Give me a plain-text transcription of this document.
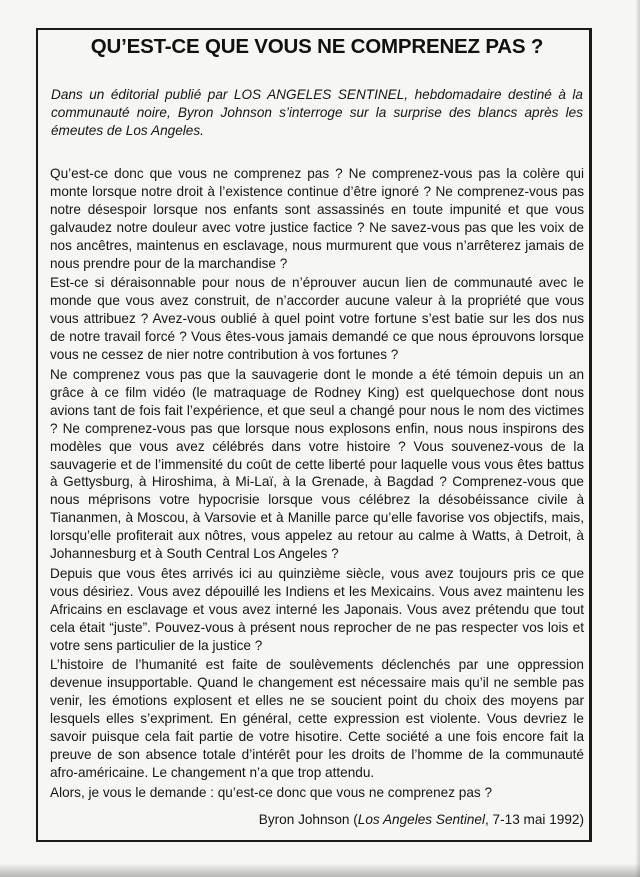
QU’EST-CE QUE VOUS NE COMPRENEZ PAS ?

Dans un éditorial publié par LOS ANGELES SENTINEL, hebdomadaire destiné à la communauté noire, Byron Johnson s’interroge sur la surprise des blancs après les émeutes de Los Angeles.

Qu’est-ce donc que vous ne comprenez pas ? Ne comprenez-vous pas la colère qui monte lorsque notre droit à l’existence continue d’être ignoré ? Ne comprenez-vous pas notre désespoir lorsque nos enfants sont assassinés en toute impunité et que vous galvaudez notre douleur avec votre justice factice ? Ne savez-vous pas que les voix de nos ancêtres, maintenus en esclavage, nous murmurent que vous n’arrêterez jamais de nous prendre pour de la marchandise ?

Est-ce si déraisonnable pour nous de n’éprouver aucun lien de communauté avec le monde que vous avez construit, de n’accorder aucune valeur à la propriété que vous vous attribuez ? Avez-vous oublié à quel point votre fortune s’est batie sur les dos nus de notre travail forcé ? Vous êtes-vous jamais demandé ce que nous éprouvons lorsque vous ne cessez de nier notre contribution à vos fortunes ?

Ne comprenez vous pas que la sauvagerie dont le monde a été témoin depuis un an grâce à ce film vidéo (le matraquage de Rodney King) est quelquechose dont nous avions tant de fois fait l’expérience, et que seul a changé pour nous le nom des victimes ? Ne comprenez-vous pas que lorsque nous explosons enfin, nous nous inspirons des modèles que vous avez célébrés dans votre histoire ? Vous souvenez-vous de la sauvagerie et de l’immensité du coût de cette liberté pour laquelle vous vous êtes battus à Gettysburg, à Hiroshima, à Mi-Laï, à la Grenade, à Bagdad ? Comprenez-vous que nous méprisons votre hypocrisie lorsque vous célébrez la désobéissance civile à Tiananmen, à Moscou, à Varsovie et à Manille parce qu’elle favorise vos objectifs, mais, lorsqu’elle profiterait aux nôtres, vous appelez au retour au calme à Watts, à Detroit, à Johannesburg et à South Central Los Angeles ?

Depuis que vous êtes arrivés ici au quinzième siècle, vous avez toujours pris ce que vous désiriez. Vous avez dépouillé les Indiens et les Mexicains. Vous avez maintenu les Africains en esclavage et vous avez interné les Japonais. Vous avez prétendu que tout cela était “juste”. Pouvez-vous à présent nous reprocher de ne pas respecter vos lois et votre sens particulier de la justice ?

L’histoire de l’humanité est faite de soulèvements déclenchés par une oppression devenue insupportable. Quand le changement est nécessaire mais qu’il ne semble pas venir, les émotions explosent et elles ne se soucient point du choix des moyens par lesquels elles s’expriment. En général, cette expression est violente. Vous devriez le savoir puisque cela fait partie de votre hisotire. Cette société a une fois encore fait la preuve de son absence totale d’intérêt pour les droits de l’homme de la communauté afro-américaine. Le changement n’a que trop attendu.

Alors, je vous le demande : qu’est-ce donc que vous ne comprenez pas ?

Byron Johnson (Los Angeles Sentinel, 7-13 mai 1992)
